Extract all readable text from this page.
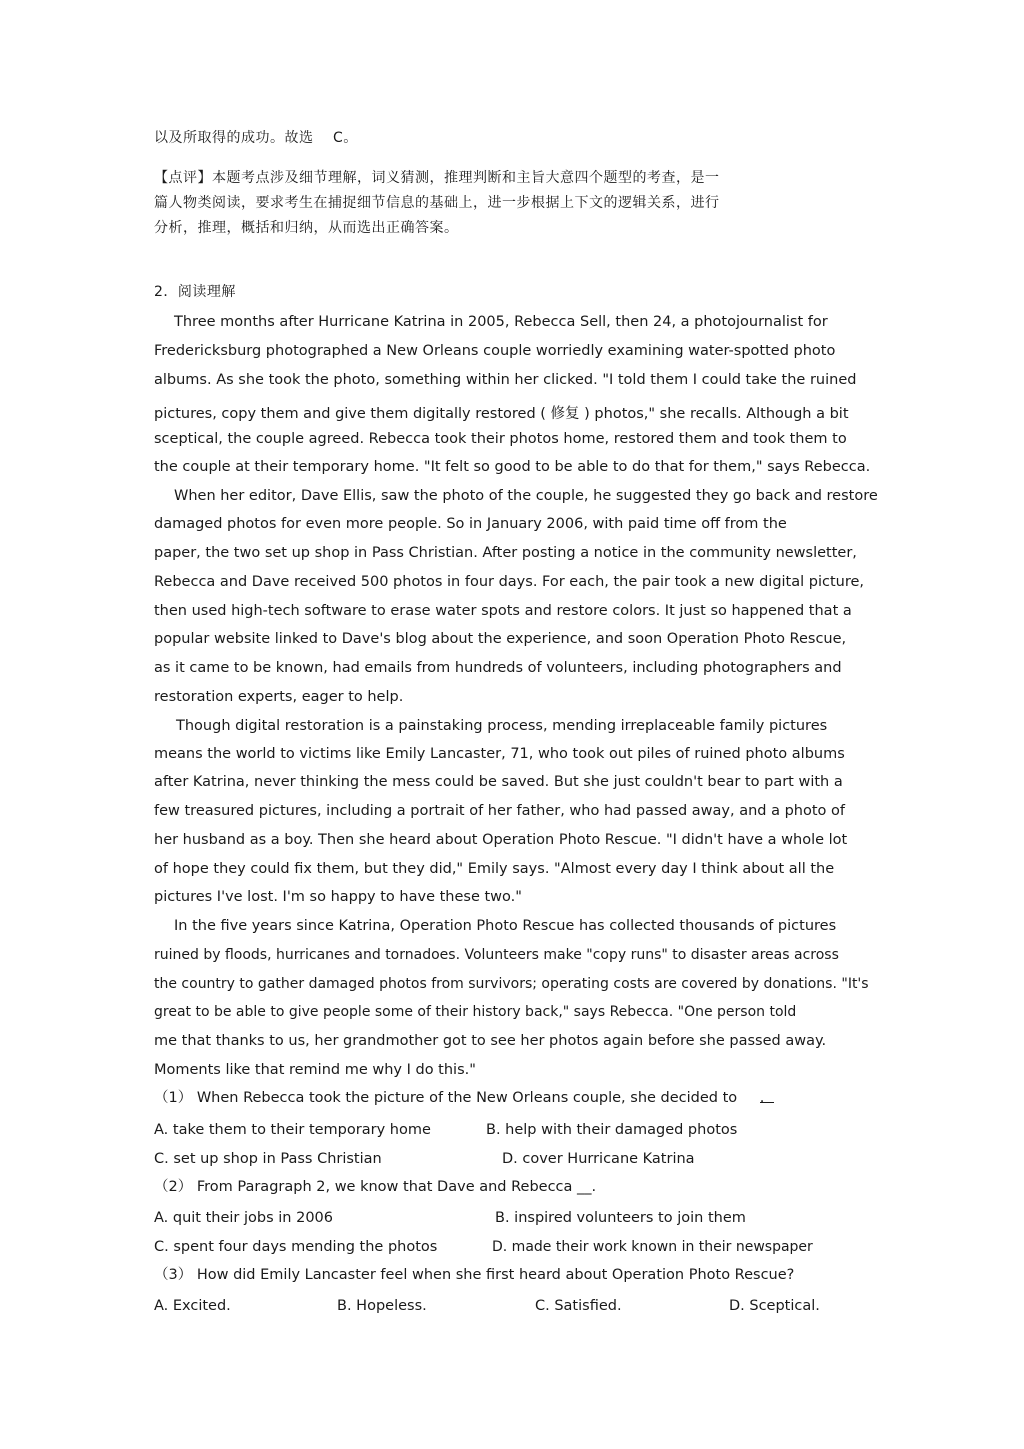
以及所取得的成功。故选　 C。
【点评】本题考点涉及细节理解，词义猜测，推理判断和主旨大意四个题型的考查，是一
篇人物类阅读，要求考生在捕捉细节信息的基础上，进一步根据上下文的逻辑关系，进行
分析，推理，概括和归纳，从而选出正确答案。
2．阅读理解
Three months after Hurricane Katrina in 2005, Rebecca Sell, then 24, a photojournalist for
Fredericksburg photographed a New Orleans couple worriedly examining water-spotted photo
albums. As she took the photo, something within her clicked. "I told them I could take the ruined
pictures, copy them and give them digitally restored ( 修复 ) photos," she recalls. Although a bit
sceptical, the couple agreed. Rebecca took their photos home, restored them and took them to
the couple at their temporary home. "It felt so good to be able to do that for them," says Rebecca.
When her editor, Dave Ellis, saw the photo of the couple, he suggested they go back and restore
damaged photos for even more people. So in January 2006, with paid time off from the
paper, the two set up shop in Pass Christian. After posting a notice in the community newsletter,
Rebecca and Dave received 500 photos in four days. For each, the pair took a new digital picture,
then used high-tech software to erase water spots and restore colors. It just so happened that a
popular website linked to Dave's blog about the experience, and soon Operation Photo Rescue,
as it came to be known, had emails from hundreds of volunteers, including photographers and
restoration experts, eager to help.
Though digital restoration is a painstaking process, mending irreplaceable family pictures
means the world to victims like Emily Lancaster, 71, who took out piles of ruined photo albums
after Katrina, never thinking the mess could be saved. But she just couldn't bear to part with a
few treasured pictures, including a portrait of her father, who had passed away, and a photo of
her husband as a boy. Then she heard about Operation Photo Rescue. "I didn't have a whole lot
of hope they could fix them, but they did," Emily says. "Almost every day I think about all the
pictures I've lost. I'm so happy to have these two."
In the five years since Katrina, Operation Photo Rescue has collected thousands of pictures
ruined by floods, hurricanes and tornadoes. Volunteers make "copy runs" to disaster areas across
the country to gather damaged photos from survivors; operating costs are covered by donations. "It's
great to be able to give people some of their history back," says Rebecca. "One person told
me that thanks to us, her grandmother got to see her photos again before she passed away.
Moments like that remind me why I do this."
（1） When Rebecca took the picture of the New Orleans couple, she decided to .
A. take them to their temporary home	B. help with their damaged photos
C. set up shop in Pass Christian	D. cover Hurricane Katrina
（2） From Paragraph 2, we know that Dave and Rebecca __.
A. quit their jobs in 2006	B. inspired volunteers to join them
C. spent four days mending the photos	D. made their work known in their newspaper
（3） How did Emily Lancaster feel when she first heard about Operation Photo Rescue?
A. Excited.	B. Hopeless.	C. Satisfied.	D. Sceptical.
